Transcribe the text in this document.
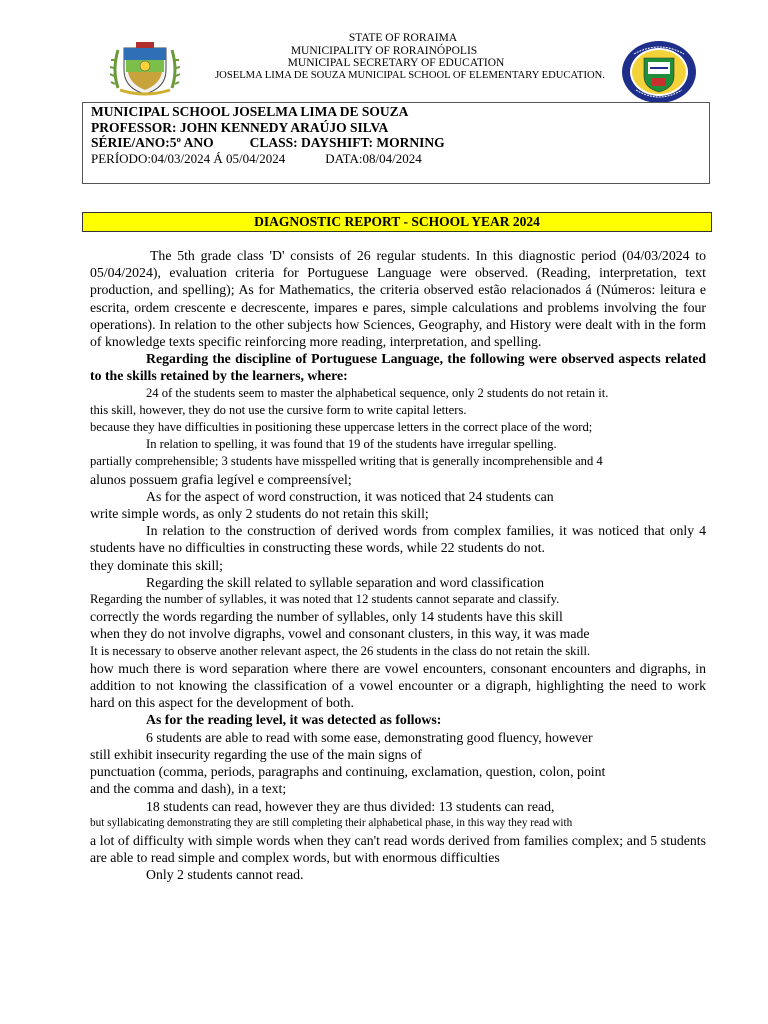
STATE OF RORAIMA
MUNICIPALITY OF RORAINÓPOLIS
MUNICIPAL SECRETARY OF EDUCATION
JOSELMA LIMA DE SOUZA MUNICIPAL SCHOOL OF ELEMENTARY EDUCATION.
MUNICIPAL SCHOOL JOSELMA LIMA DE SOUZA
PROFESSOR: JOHN KENNEDY ARAÚJO SILVA
SÉRIE/ANO:5º ANO	CLASS: DAYSHIFT: MORNING
PERÍODO:04/03/2024 Á 05/04/2024	DATA:08/04/2024
DIAGNOSTIC REPORT - SCHOOL YEAR 2024
The 5th grade class 'D' consists of 26 regular students. In this diagnostic period (04/03/2024 to 05/04/2024), evaluation criteria for Portuguese Language were observed. (Reading, interpretation, text production, and spelling); As for Mathematics, the criteria observed estão relacionados á (Números: leitura e escrita, ordem crescente e decrescente, impares e pares, simple calculations and problems involving the four operations). In relation to the other subjects how Sciences, Geography, and History were dealt with in the form of knowledge texts specific reinforcing more reading, interpretation, and spelling.
Regarding the discipline of Portuguese Language, the following were observed aspects related to the skills retained by the learners, where:
24 of the students seem to master the alphabetical sequence, only 2 students do not retain it.
this skill, however, they do not use the cursive form to write capital letters.
because they have difficulties in positioning these uppercase letters in the correct place of the word;
In relation to spelling, it was found that 19 of the students have irregular spelling.
partially comprehensible; 3 students have misspelled writing that is generally incomprehensible and 4
alunos possuem grafia legível e compreensível;
As for the aspect of word construction, it was noticed that 24 students can
write simple words, as only 2 students do not retain this skill;
In relation to the construction of derived words from complex families, it was noticed that only 4 students have no difficulties in constructing these words, while 22 students do not.
they dominate this skill;
Regarding the skill related to syllable separation and word classification
Regarding the number of syllables, it was noted that 12 students cannot separate and classify.
correctly the words regarding the number of syllables, only 14 students have this skill
when they do not involve digraphs, vowel and consonant clusters, in this way, it was made
It is necessary to observe another relevant aspect, the 26 students in the class do not retain the skill.
how much there is word separation where there are vowel encounters, consonant encounters and digraphs, in addition to not knowing the classification of a vowel encounter or a digraph, highlighting the need to work hard on this aspect for the development of both.
As for the reading level, it was detected as follows:
6 students are able to read with some ease, demonstrating good fluency, however
still exhibit insecurity regarding the use of the main signs of
punctuation (comma, periods, paragraphs and continuing, exclamation, question, colon, point
and the comma and dash), in a text;
18 students can read, however they are thus divided: 13 students can read,
but syllabicating demonstrating they are still completing their alphabetical phase, in this way they read with
a lot of difficulty with simple words when they can't read words derived from families complex; and 5 students are able to read simple and complex words, but with enormous difficulties
Only 2 students cannot read.
